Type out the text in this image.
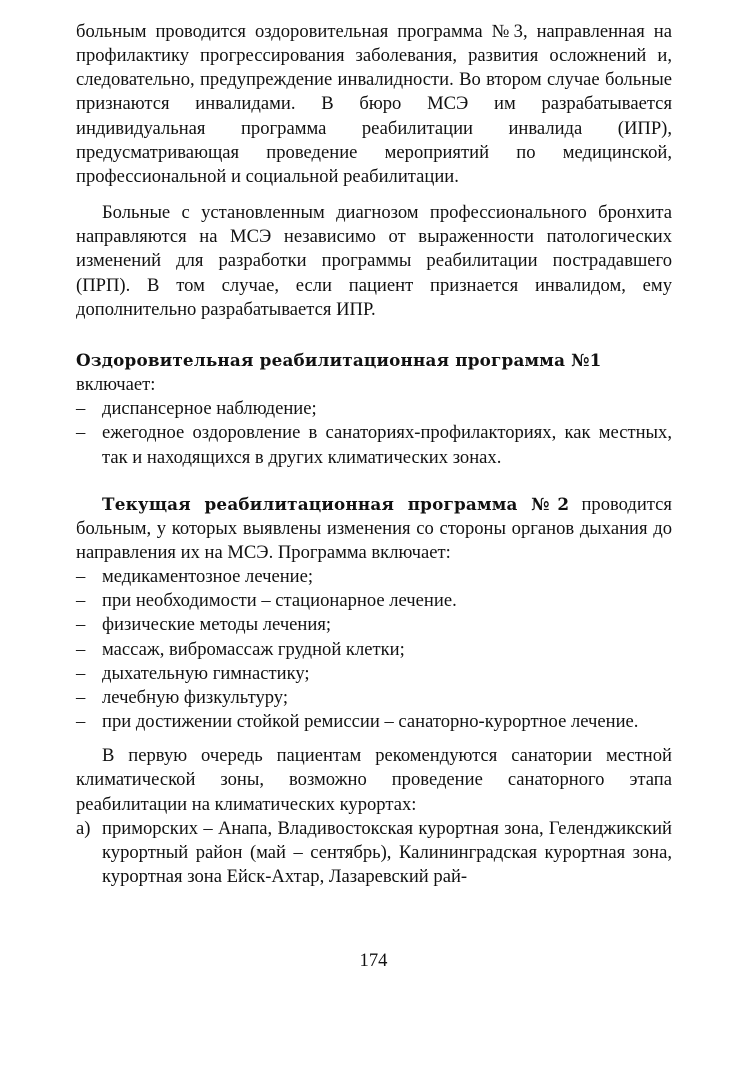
больным проводится оздоровительная программа №3, направленная на профилактику прогрессирования заболевания, развития осложнений и, следовательно, предупреждение инвалидности. Во втором случае больные признаются инвалидами. В бюро МСЭ им разрабатывается индивидуальная программа реабилитации инвалида (ИПР), предусматривающая проведение мероприятий по медицинской, профессиональной и социальной реабилитации.

Больные с установленным диагнозом профессионального бронхита направляются на МСЭ независимо от выраженности патологических изменений для разработки программы реабилитации пострадавшего (ПРП). В том случае, если пациент признается инвалидом, ему дополнительно разрабатывается ИПР.

Оздоровительная реабилитационная программа №1

включает:

– диспансерное наблюдение;
– ежегодное оздоровление в санаториях-профилакториях, как местных, так и находящихся в других климатических зонах.

Текущая реабилитационная программа №2 проводится больным, у которых выявлены изменения со стороны органов дыхания до направления их на МСЭ. Программа включает:

– медикаментозное лечение;
– при необходимости – стационарное лечение.
– физические методы лечения;
– массаж, вибромассаж грудной клетки;
– дыхательную гимнастику;
– лечебную физкультуру;
– при достижении стойкой ремиссии – санаторно-курортное лечение.

В первую очередь пациентам рекомендуются санатории местной климатической зоны, возможно проведение санаторного этапа реабилитации на климатических курортах:

а) приморских – Анапа, Владивостокская курортная зона, Геленджикский курортный район (май – сентябрь), Калининградская курортная зона, курортная зона Ейск-Ахтар, Лазаревский рай-

174
